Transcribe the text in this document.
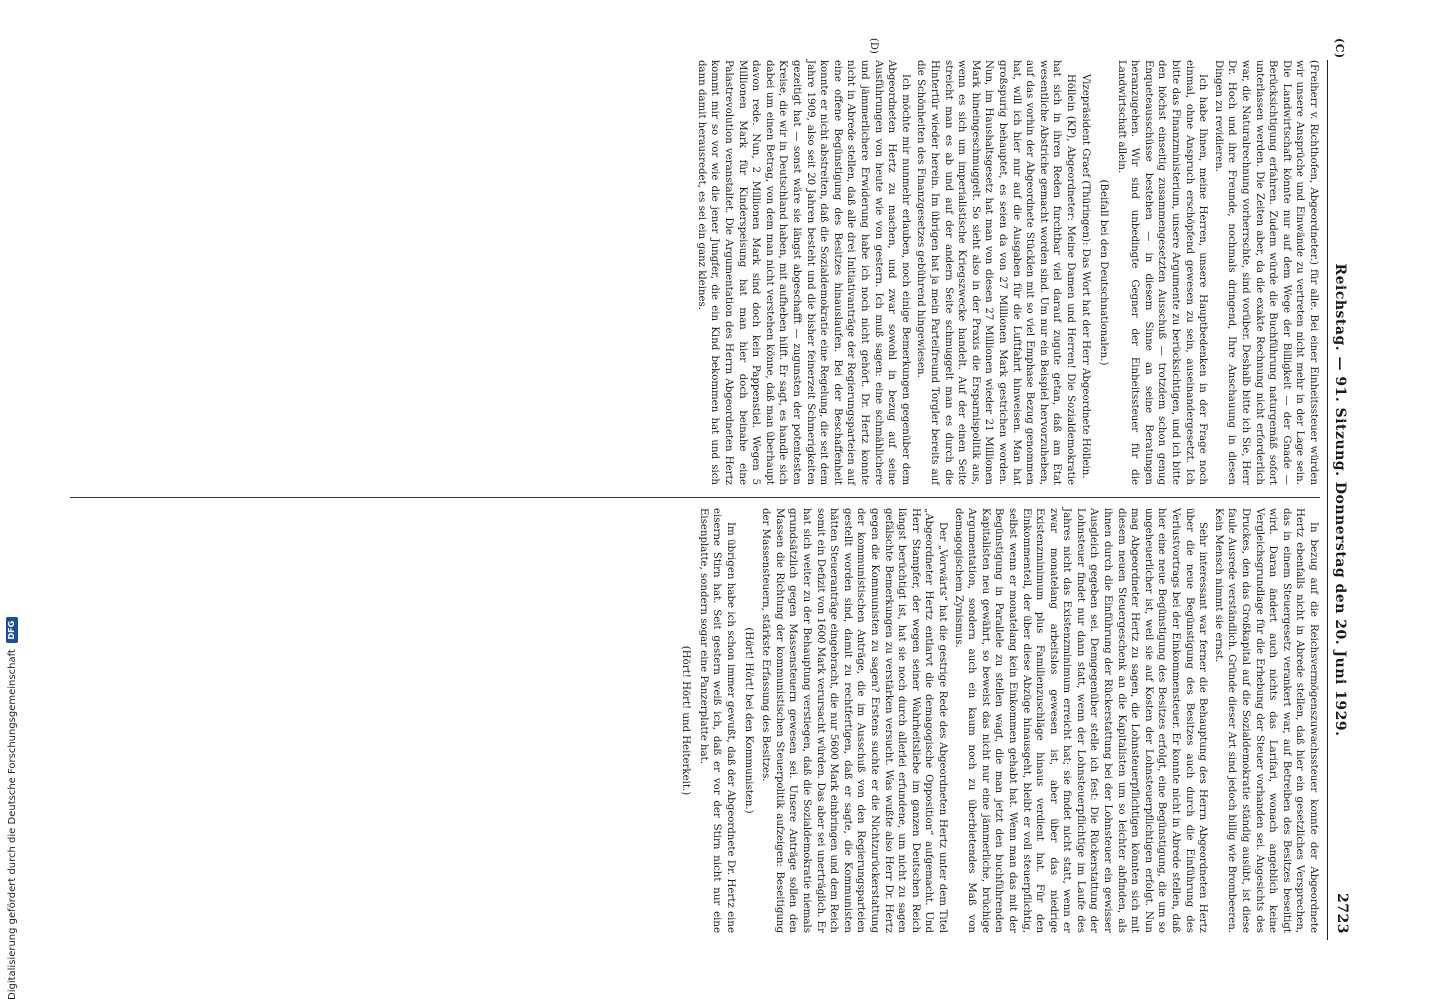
(C)
Reichstag. — 91. Sitzung. Donnerstag den 20. Juni 1929.
2723

(Freiherr v. Richthofen, Abgeordneter.) für alle. Bei einer Einheitssteuer würden wir unsere Ansprüche und Einwände zu vertreten nicht mehr in der Lage sein. Die Landwirtschaft könnte nur auf dem Wege der Billigkeit — der Gnade — Berücksichtigung erfahren. Zudem würde die Buchführung naturgemäß sofort unterlassen werden. Die Zeiten aber, da die exakte Rechnung nicht erforderlich war, die Naturalrechnung vorherrschte, sind vorüber. Deshalb bitte ich Sie, Herr Dr. Hoch und ihre Freunde, nochmals dringend, Ihre Anschauung in diesen Dingen zu revidieren.

Ich habe Ihnen, meine Herren, unsere Hauptbedenken in der Frage noch einmal, ohne Anspruch erschöpfend gewesen zu sein, auseinandergesetzt. Ich bitte das Finanzministerium, unsere Argumente zu berücksichtigen, und ich bitte den höchst einseitig zusammengesetzten Ausschuß — trotzdem schon genug Enqueteausschüsse bestehen — in diesem Sinne an seine Beratungen heranzugehen. Wir sind unbedingte Gegner der Einheitssteuer für die Landwirtschaft allein.

(Beifall bei den Deutschnationalen.)

Vizepräsident Graef (Thüringen): Das Wort hat der Herr Abgeordnete Höllein.

Höllein (KP), Abgeordneter: Meine Damen und Herren! Die Sozialdemokratie hat sich in ihren Reden furchtbar viel darauf zugute getan, daß am Etat wesentliche Abstriche gemacht worden sind. Um nur ein Beispiel hervorzuheben, auf das vorhin der Abgeordnete Stücklen mit so viel Emphase Bezug genommen hat, will ich hier nur auf die Ausgaben für die Luftfahrt hinweisen. Man hat großspurig behauptet, es seien da von 27 Millionen Mark gestrichen worden. Nun, im Haushaltsgesetz hat man von diesen 27 Millionen wieder 21 Millionen Mark hineingeschmuggelt. So sieht also in der Praxis die Ersparnispolitik aus, wenn es sich um imperialistische Kriegszwecke handelt. Auf der einen Seite streicht man es ab und auf der andern Seite schmuggelt man es durch die Hintertür wieder herein. Im übrigen hat ja mein Parteifreund Torgler bereits auf die Schönheiten des Finanzgesetzes gebührend hingewiesen.

Ich möchte mir nunmehr erlauben, noch einige Bemerkungen gegenüber dem Abgeordneten Hertz zu machen, und zwar sowohl in bezug auf seine Ausführungen von heute wie von gestern. Ich muß sagen: eine schmählichere und jämmerlichere Erwiderung habe ich noch nicht gehört. Dr. Hertz konnte nicht in Abrede stellen, daß alle drei Initiativanträge der Regierungsparteien auf eine offene Begünstigung des Besitzes hinauslaufen. Bei der Beschaffenheit konnte er nicht abstreiten, daß die Sozialdemokratie eine Regelung, die seit dem Jahre 1909, also seit 20 Jahren besteht und die bisher feinerzeit Schmerigkeiten gezeitigt hat — sonst wäre sie längst abgeschafft — zugunsten der potentesten Kreise, die wir in Deutschland haben, mit aufheben hilft. Er sagt, es handle sich dabei um einen Betrag, von dem man nicht verstehen könne, daß man überhaupt davon rede. Nun, 2 Millionen Mark sind doch kein Pappenstiel. Wegen 5 Millionen Mark für Kinderspeisung hat man hier doch beinahe eine Palastrevolution veranstaltet. Die Argumentation des Herrn Abgeordneten Hertz kommt mir so vor wie die jener Jungfer, die ein Kind bekommen hat und sich dann damit herausredet, es sei ein ganz kleines.

In bezug auf die Reichsvermögenszuwachssteuer konnte der Abgeordnete Hertz ebenfalls nicht in Abrede stellen, daß hier ein gesetzliches Versprechen, das in einem Steuergesetz verankert war, auf Betreiben des Besitzes beseitigt wird. Daran ändert auch nichts das Larifari, wonach angeblich keine Vergleichsgrundlage für die Erhebung der Steuer vorhanden sei. Angesichts des Druckes, den das Großkapital auf die Sozialdemokratie ständig ausübt, ist diese faule Ausrede verständlich. Gründe dieser Art sind jedoch billig wie Brombeeren. Kein Mensch nimmt sie ernst.

Sehr interessant war ferner die Behauptung des Herrn Abgeordneten Hertz über die neue Begünstigung des Besitzes auch durch die Einführung des Verlustvortrags bei der Einkommensteuer. Er konnte nicht in Abrede stellen, daß hier eine neue Begünstigung des Besitzes erfolgt, eine Begünstigung, die um so ungeheuerlicher ist, weil sie auf Kosten der Lohnsteuerpflichtigen erfolgt. Nun mag Abgeordneter Hertz zu sagen, die Lohnsteuerpflichtigen könnten sich mit diesem neuen Steuergeschenk an die Kapitalisten um so leichter abfinden, als ihnen durch die Einführung der Rückerstattung bei der Lohnsteuer ein gewisser Ausgleich gegeben sei. Demgegenüber stelle ich fest: Die Rückerstattung der Lohnsteuer findet nur dann statt, wenn der Lohnsteuerpflichtige im Laufe des Jahres nicht das Existenzminimum erreicht hat; sie findet nicht statt, wenn er zwar monatelang arbeitslos gewesen ist, aber über das niedrige Existenzminimum plus Familienzuschläge hinaus verdient hat. Für den Einkommenteil, der über diese Abzüge hinausgeht, bleibt er voll steuerpflichtig, selbst wenn er monatelang kein Einkommen gehabt hat. Wenn man das mit der Begünstigung in Parallele zu stellen wagt, die man jetzt den buchführenden Kapitalisten neu gewährt, so beweist das nicht nur eine jämmerliche, brüchige Argumentation, sondern auch ein kaum noch zu überbietendes Maß von demagogischem Zynismus.

Der „Vorwärts“ hat die gestrige Rede des Abgeordneten Hertz unter dem Titel „Abgeordneter Hertz entlarvt die demagogische Opposition“ aufgemacht. Und Herr Stampfer, der wegen seiner Wahrheitsliebe im ganzen Deutschen Reich längst berüchtigt ist, hat sie noch durch allerlei erfundene, um nicht zu sagen gefälschte Bemerkungen zu verstärken versucht. Was wußte also Herr Dr. Hertz gegen die Kommunisten zu sagen? Erstens suchte er die Nichtzurückerstattung der kommunistischen Anträge, die im Ausschuß von den Regierungsparteien gestellt worden sind, damit zu rechtfertigen, daß er sagte, die Kommunisten hätten Steueranträge eingebracht, die nur 5600 Mark einbringen und dem Reich somit ein Defizit von 1600 Mark verursacht würden. Das aber sei unerträglich. Er hat sich weiter zu der Behauptung verstiegen, daß die Sozialdemokratie niemals grundsätzlich gegen Massensteuern gewesen sei. Unsere Anträge sollen den Massen die Richtung der kommunistischen Steuerpolitik aufzeigen: Beseitigung der Massensteuern, stärkste Erfassung des Besitzes.

(Hört! Hört! bei den Kommunisten.)

Im übrigen habe ich schon immer gewußt, daß der Abgeordnete Dr. Hertz eine eiserne Stirn hat. Seit gestern weiß ich, daß er vor der Stirn nicht nur eine Eisenplatte, sondern sogar eine Panzerplatte hat.

(Hört! Hört! und Heiterkeit.)

(D)
Digitalisierung gefördert durch die Deutsche Forschungsgemeinschaft
DFG
